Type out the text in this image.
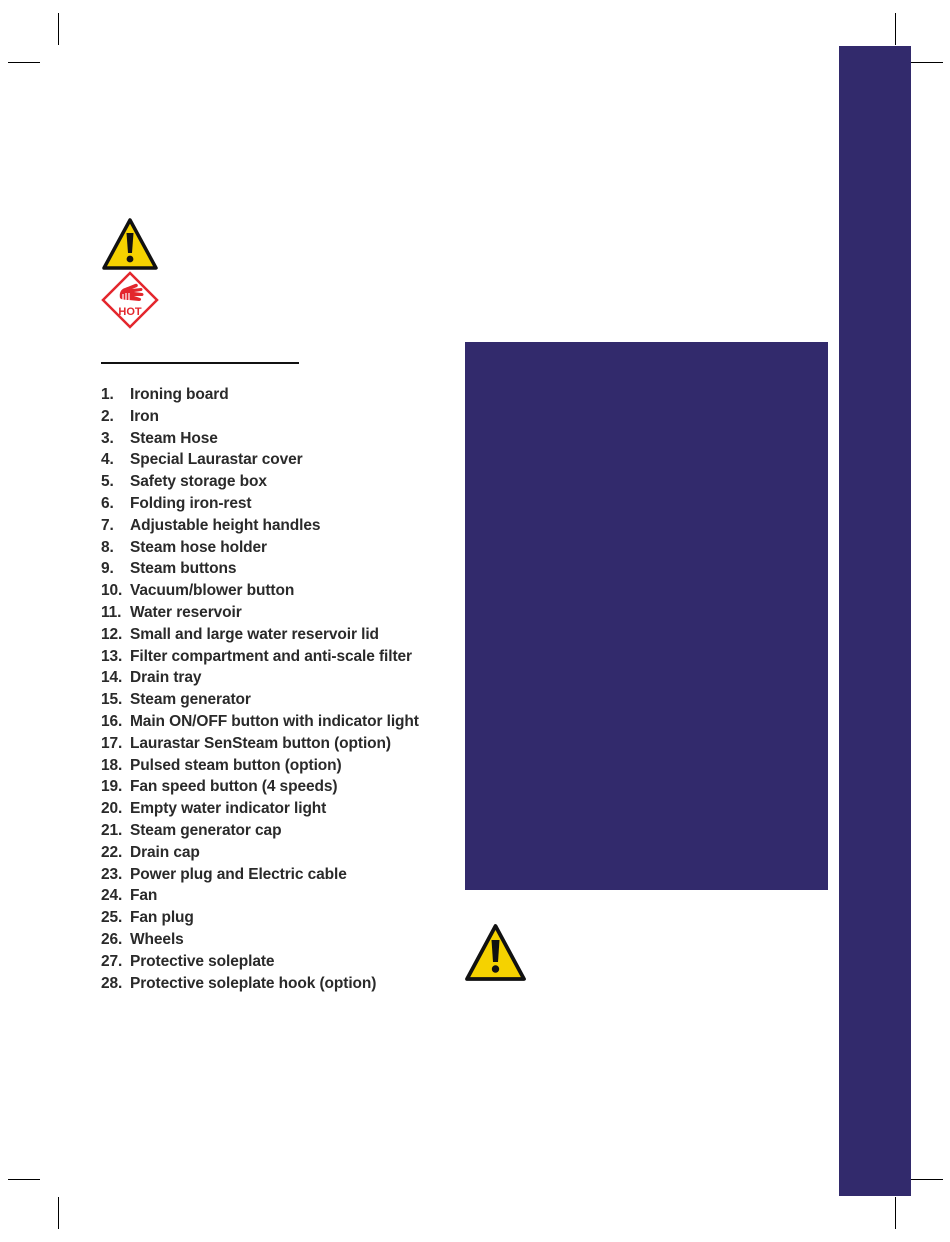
HOT
1. Ironing board
2. Iron
3. Steam Hose
4. Special Laurastar cover
5. Safety storage box
6. Folding iron-rest
7. Adjustable height handles
8. Steam hose holder
9. Steam buttons
10. Vacuum/blower button
11. Water reservoir
12. Small and large water reservoir lid
13. Filter compartment and anti-scale filter
14. Drain tray
15. Steam generator
16. Main ON/OFF button with indicator light
17. Laurastar SenSteam button (option)
18. Pulsed steam button (option)
19. Fan speed button (4 speeds)
20. Empty water indicator light
21. Steam generator cap
22. Drain cap
23. Power plug and Electric cable
24. Fan
25. Fan plug
26. Wheels
27. Protective soleplate
28. Protective soleplate hook (option)
